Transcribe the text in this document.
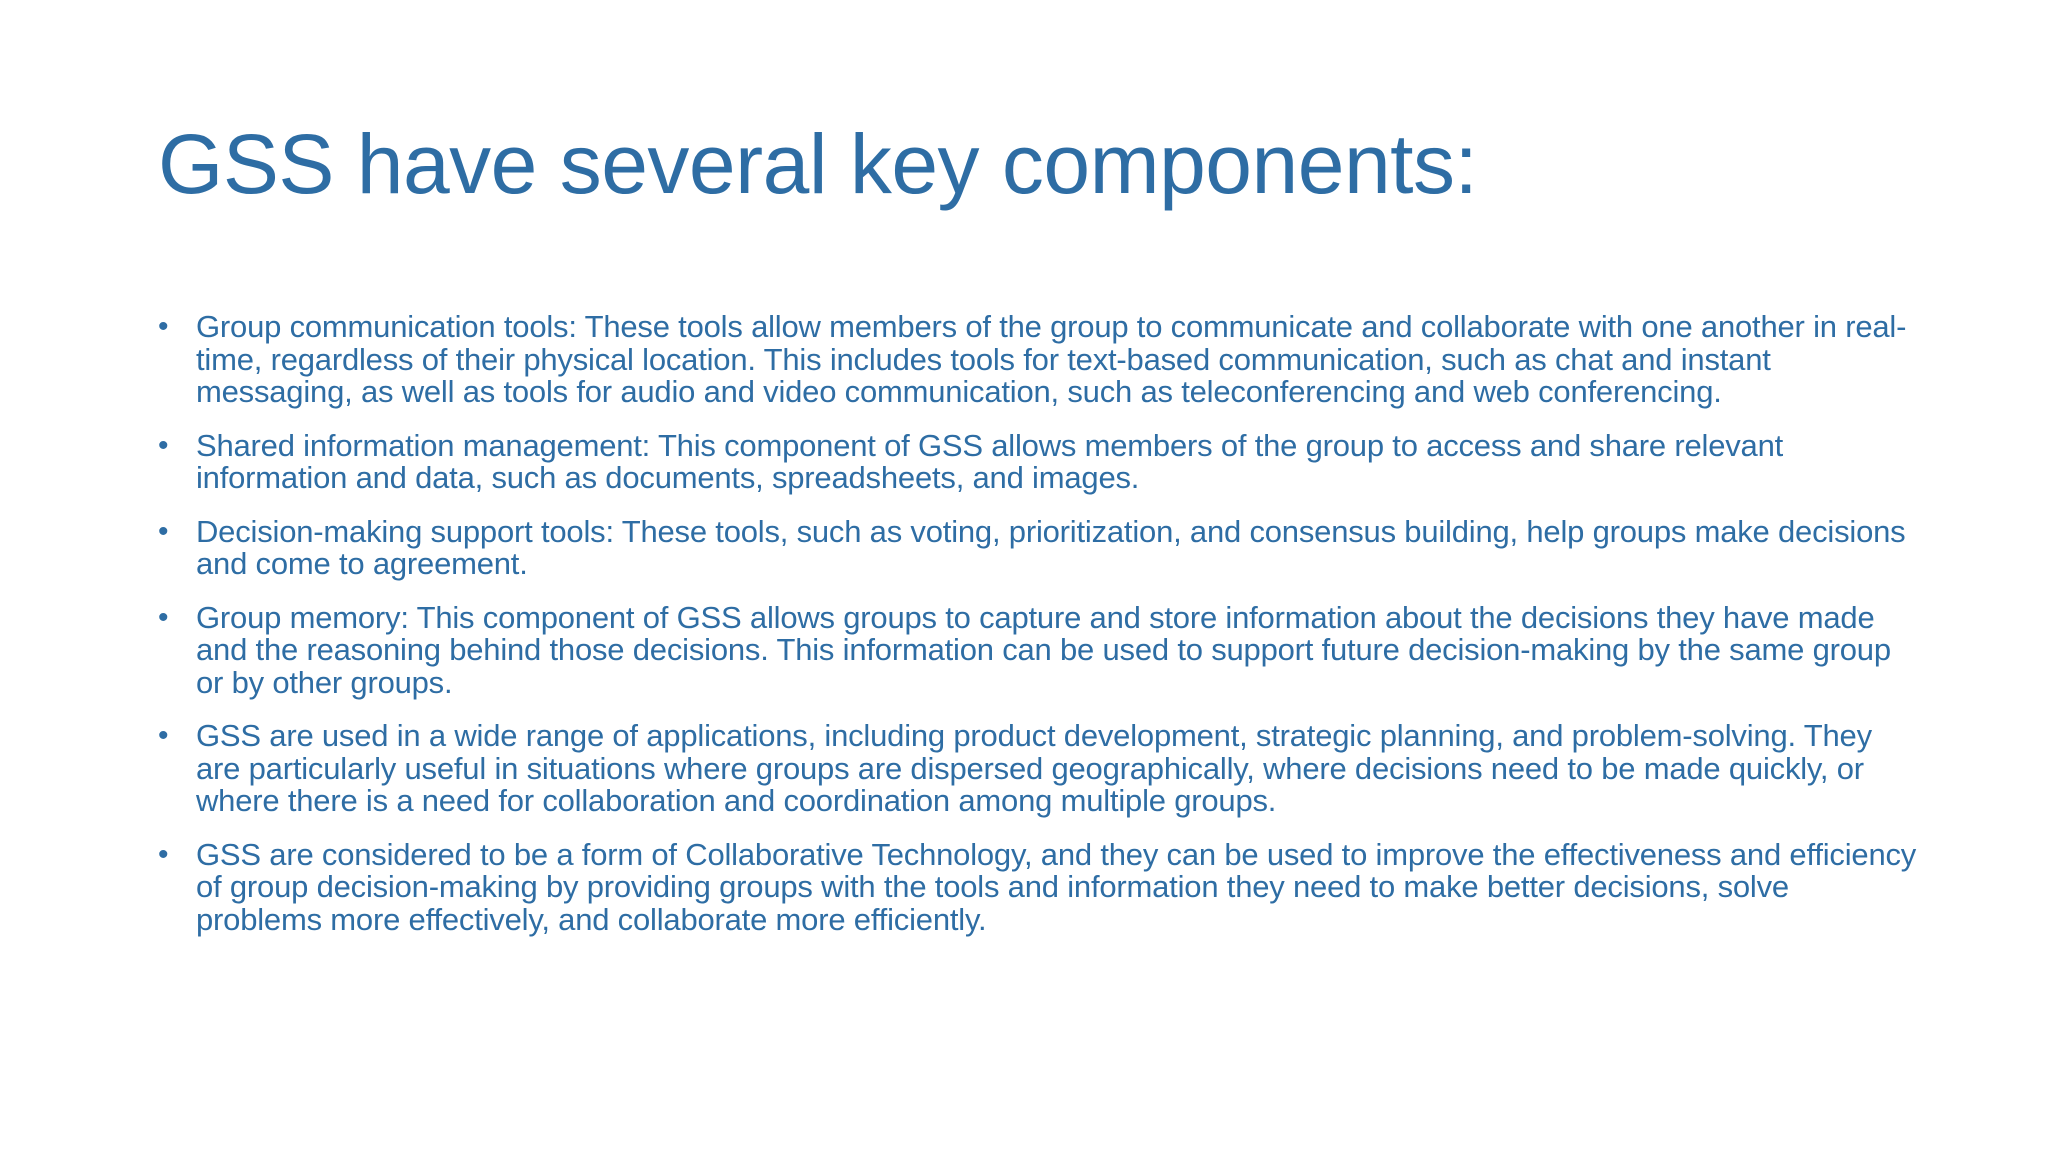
GSS have several key components:
• Group communication tools: These tools allow members of the group to communicate and collaborate with one another in real-time, regardless of their physical location. This includes tools for text-based communication, such as chat and instant messaging, as well as tools for audio and video communication, such as teleconferencing and web conferencing.
• Shared information management: This component of GSS allows members of the group to access and share relevant information and data, such as documents, spreadsheets, and images.
• Decision-making support tools: These tools, such as voting, prioritization, and consensus building, help groups make decisions and come to agreement.
• Group memory: This component of GSS allows groups to capture and store information about the decisions they have made and the reasoning behind those decisions. This information can be used to support future decision-making by the same group or by other groups.
• GSS are used in a wide range of applications, including product development, strategic planning, and problem-solving. They are particularly useful in situations where groups are dispersed geographically, where decisions need to be made quickly, or where there is a need for collaboration and coordination among multiple groups.
• GSS are considered to be a form of Collaborative Technology, and they can be used to improve the effectiveness and efficiency of group decision-making by providing groups with the tools and information they need to make better decisions, solve problems more effectively, and collaborate more efficiently.
